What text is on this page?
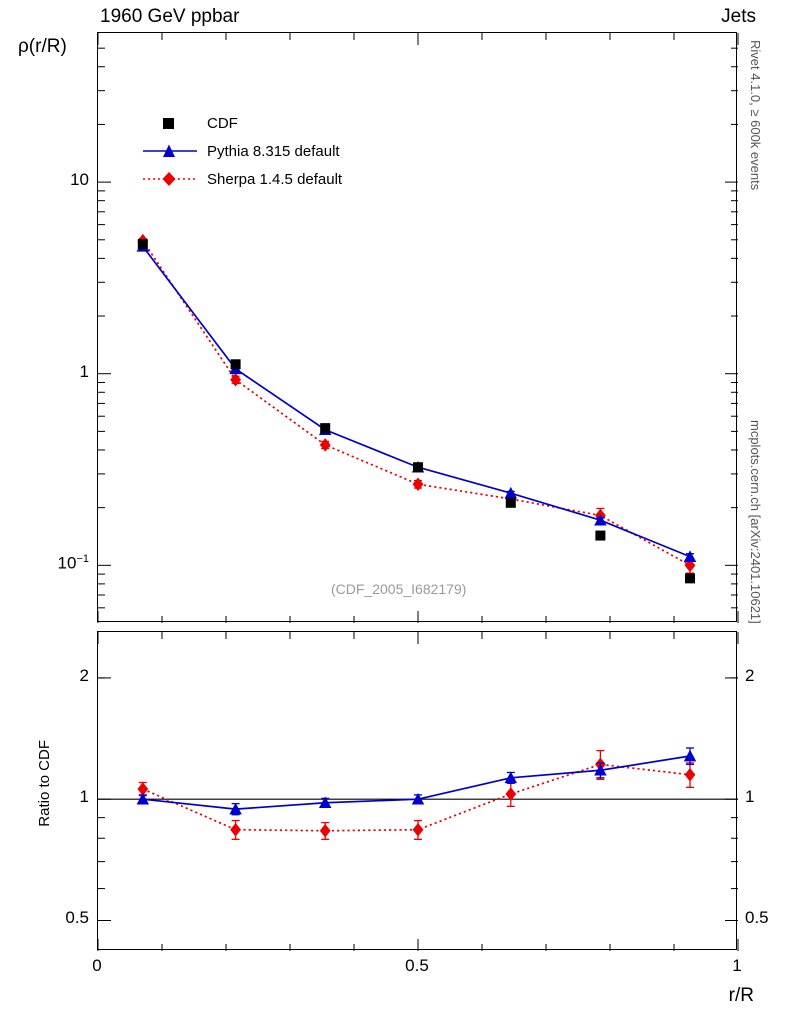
1960 GeV ppbar	Jets
Rivet 4.1.0, ≥ 600k events
mcplots.cern.ch [arXiv:2401.10621]
ρ(r/R)
Ratio to CDF
r/R
(CDF_2005_I682179)
CDF
Pythia 8.315 default
Sherpa 1.4.5 default
10
1
$10^{-1}$
2	2
1	1
0.5	0.5
0	0.5	1
